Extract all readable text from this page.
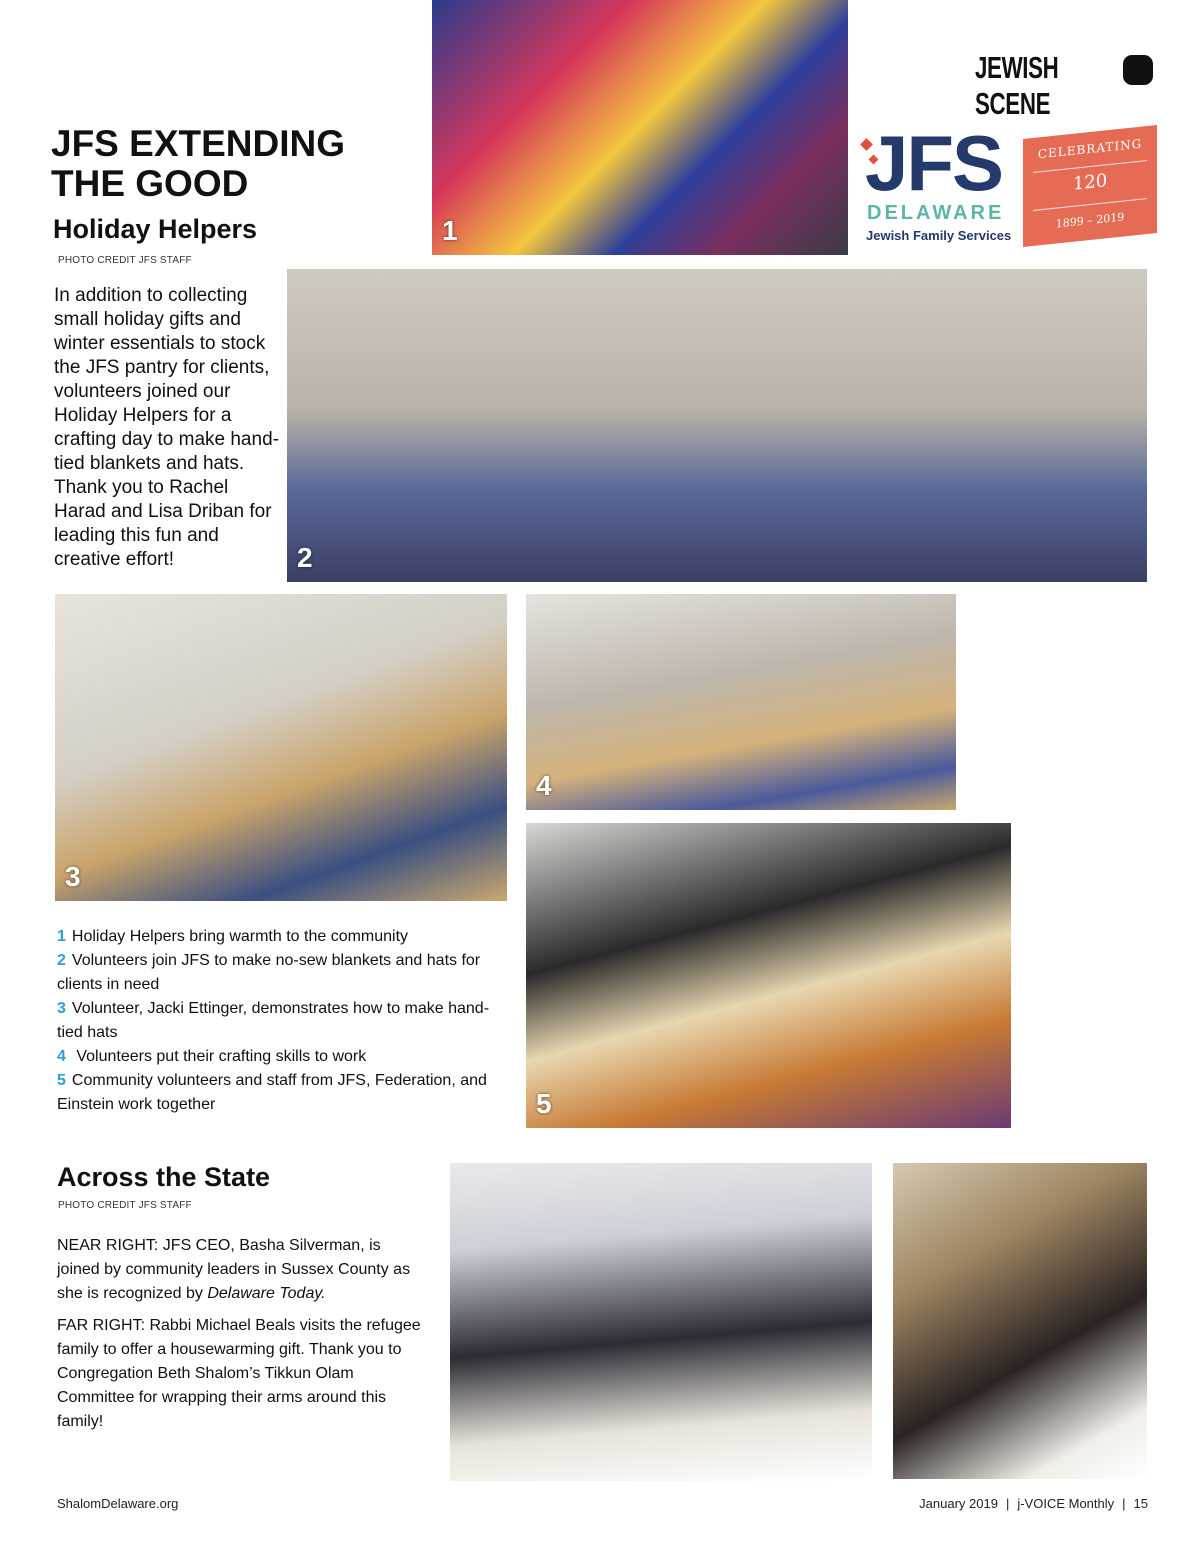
JEWISH SCENE
1
JFS
DELAWARE
Jewish Family Services
CELEBRATING
120
1899 – 2019
JFS EXTENDING THE GOOD
Holiday Helpers
PHOTO CREDIT JFS STAFF

In addition to collecting small holiday gifts and winter essentials to stock the JFS pantry for clients, volunteers joined our Holiday Helpers for a crafting day to make hand-tied blankets and hats. Thank you to Rachel Harad and Lisa Driban for leading this fun and creative effort!	2
3
4
5

1 Holiday Helpers bring warmth to the community

2 Volunteers join JFS to make no-sew blankets and hats for clients in need

3 Volunteer, Jacki Ettinger, demonstrates how to make hand-tied hats

4 Volunteers put their crafting skills to work

5 Community volunteers and staff from JFS, Federation, and Einstein work together

Across the State
PHOTO CREDIT JFS STAFF

NEAR RIGHT: JFS CEO, Basha Silverman, is joined by community leaders in Sussex County as she is recognized by Delaware Today.

FAR RIGHT: Rabbi Michael Beals visits the refugee family to offer a housewarming gift. Thank you to Congregation Beth Shalom’s Tikkun Olam Committee for wrapping their arms around this family!

ShalomDelaware.org	January 2019 | j-VOICE Monthly | 15
